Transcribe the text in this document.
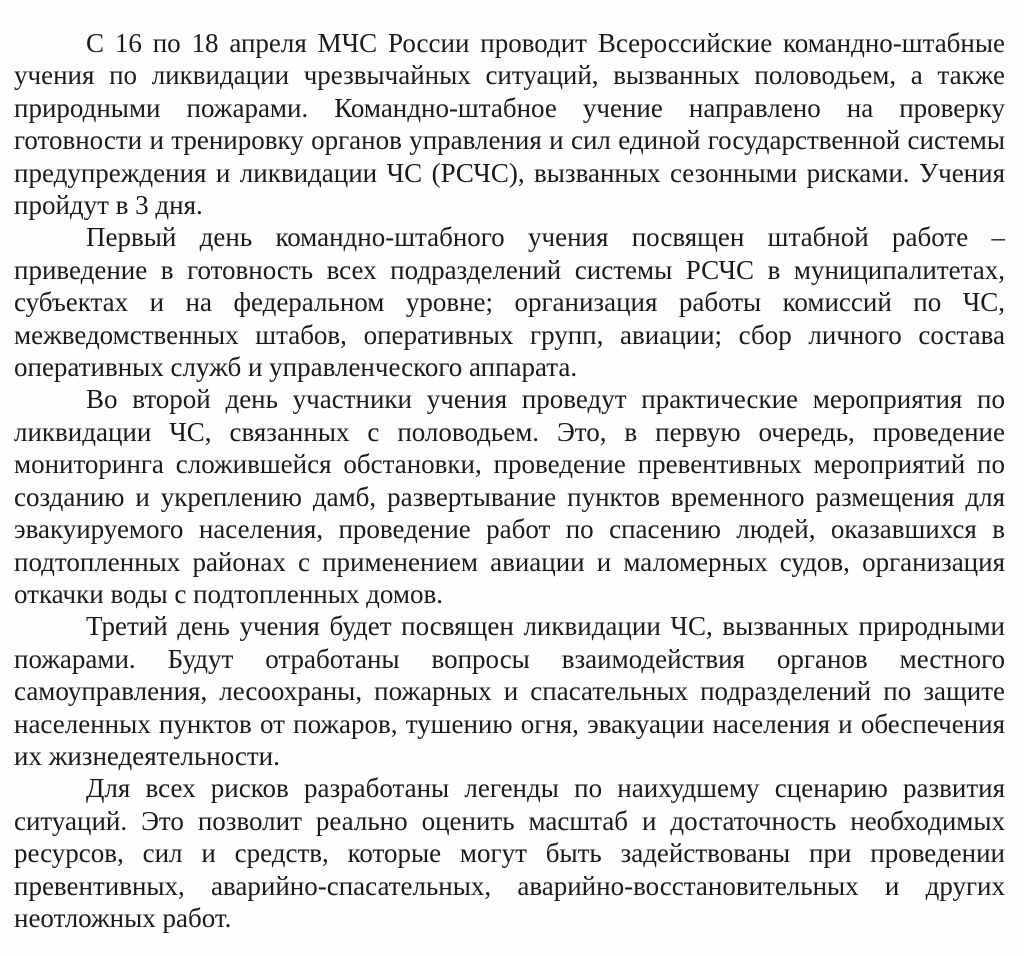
С 16 по 18 апреля МЧС России проводит Всероссийские командно-штабные учения по ликвидации чрезвычайных ситуаций, вызванных половодьем, а также природными пожарами. Командно-штабное учение направлено на проверку готовности и тренировку органов управления и сил единой государственной системы предупреждения и ликвидации ЧС (РСЧС), вызванных сезонными рисками. Учения пройдут в 3 дня.

Первый день командно-штабного учения посвящен штабной работе – приведение в готовность всех подразделений системы РСЧС в муниципалитетах, субъектах и на федеральном уровне; организация работы комиссий по ЧС, межведомственных штабов, оперативных групп, авиации; сбор личного состава оперативных служб и управленческого аппарата.

Во второй день участники учения проведут практические мероприятия по ликвидации ЧС, связанных с половодьем. Это, в первую очередь, проведение мониторинга сложившейся обстановки, проведение превентивных мероприятий по созданию и укреплению дамб, развертывание пунктов временного размещения для эвакуируемого населения, проведение работ по спасению людей, оказавшихся в подтопленных районах с применением авиации и маломерных судов, организация откачки воды с подтопленных домов.

Третий день учения будет посвящен ликвидации ЧС, вызванных природными пожарами. Будут отработаны вопросы взаимодействия органов местного самоуправления, лесоохраны, пожарных и спасательных подразделений по защите населенных пунктов от пожаров, тушению огня, эвакуации населения и обеспечения их жизнедеятельности.

Для всех рисков разработаны легенды по наихудшему сценарию развития ситуаций. Это позволит реально оценить масштаб и достаточность необходимых ресурсов, сил и средств, которые могут быть задействованы при проведении превентивных, аварийно-спасательных, аварийно-восстановительных и других неотложных работ.
